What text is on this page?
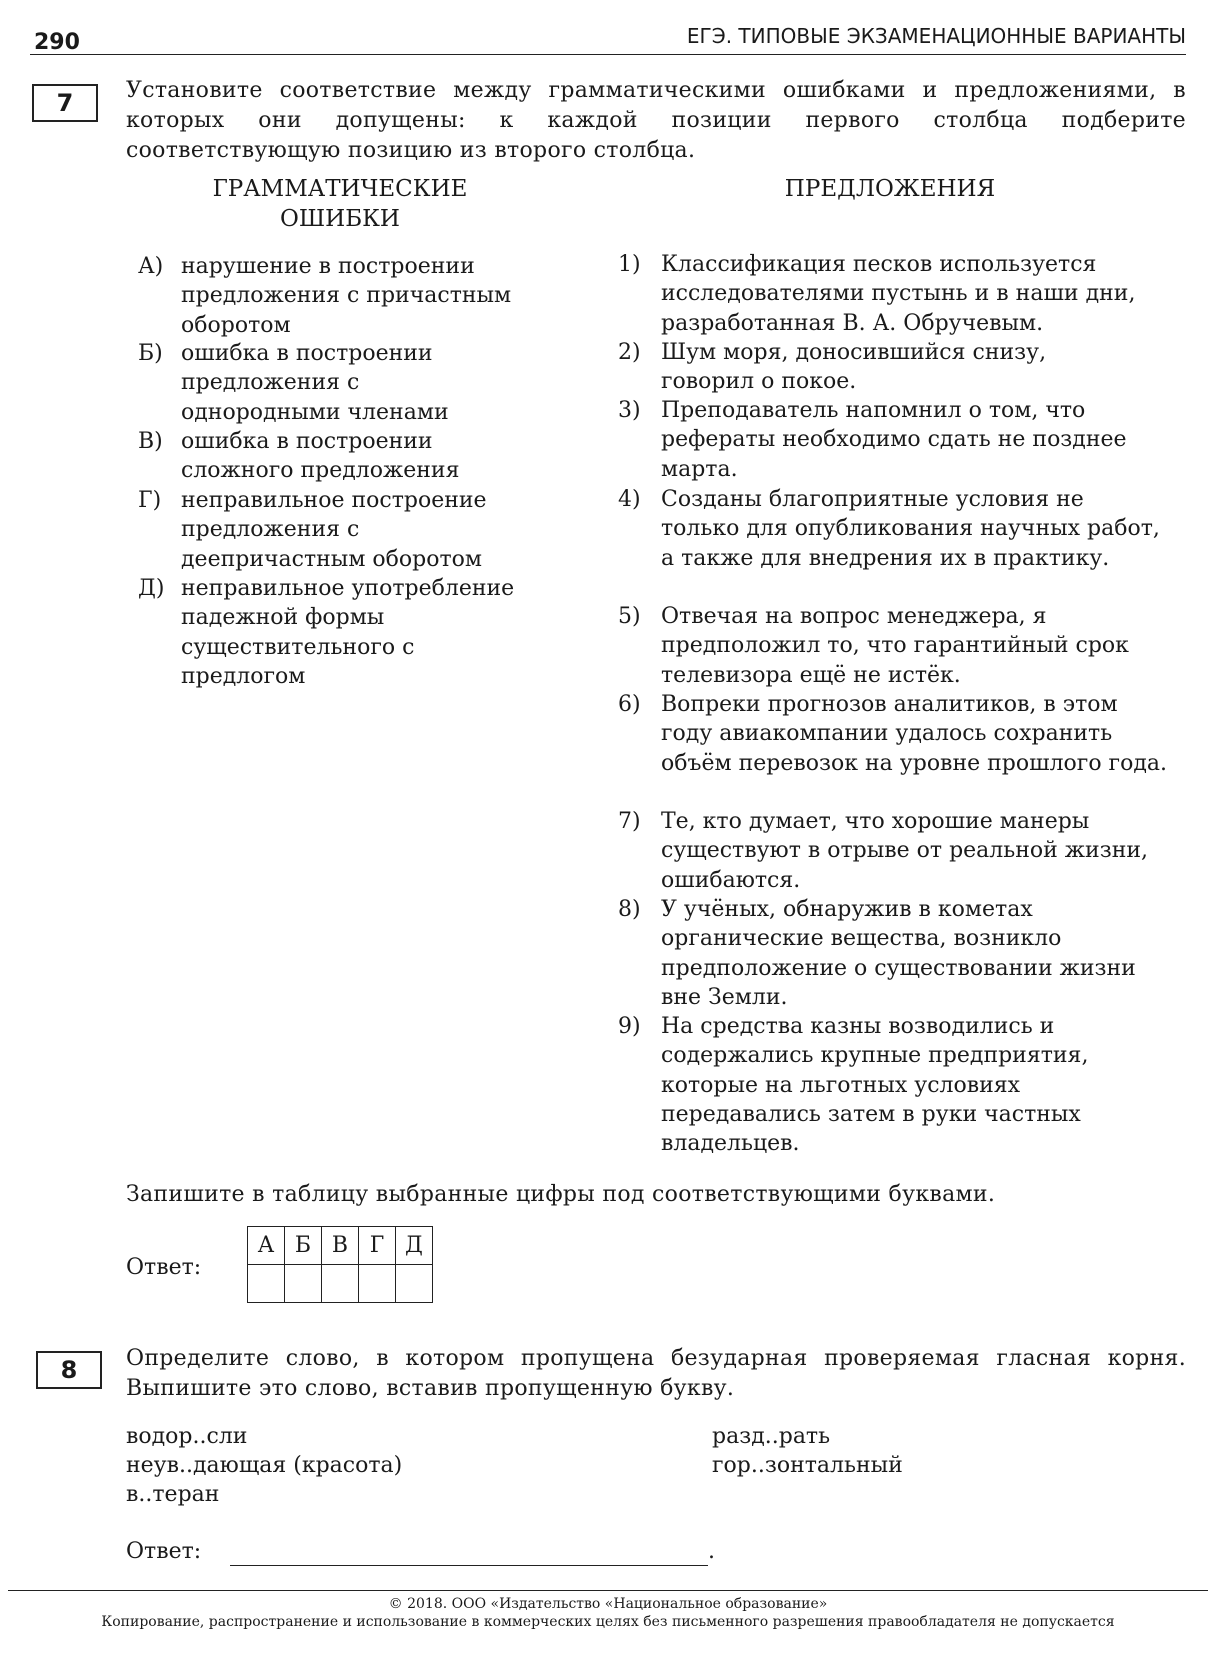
290	ЕГЭ. ТИПОВЫЕ ЭКЗАМЕНАЦИОННЫЕ ВАРИАНТЫ
7	Установите соответствие между грамматическими ошибками и предложениями, в которых они допущены: к каждой позиции первого столбца подберите соответствующую позицию из второго столбца.
ГРАММАТИЧЕСКИЕ ОШИБКИ
ПРЕДЛОЖЕНИЯ
А) нарушение в построении предложения с причастным оборотом
Б) ошибка в построении предложения с однородными членами
В) ошибка в построении сложного предложения
Г) неправильное построение предложения с деепричастным оборотом
Д) неправильное употребление падежной формы существительного с предлогом
1) Классификация песков используется исследователями пустынь и в наши дни, разработанная В. А. Обручевым.
2) Шум моря, доносившийся снизу, говорил о покое.
3) Преподаватель напомнил о том, что рефераты необходимо сдать не позднее марта.
4) Созданы благоприятные условия не только для опубликования научных работ, а также для внедрения их в практику.
5) Отвечая на вопрос менеджера, я предположил то, что гарантийный срок телевизора ещё не истёк.
6) Вопреки прогнозов аналитиков, в этом году авиакомпании удалось сохранить объём перевозок на уровне прошлого года.
7) Те, кто думает, что хорошие манеры существуют в отрыве от реальной жизни, ошибаются.
8) У учёных, обнаружив в кометах органические вещества, возникло предположение о существовании жизни вне Земли.
9) На средства казны возводились и содержались крупные предприятия, которые на льготных условиях передавались затем в руки частных владельцев.
Запишите в таблицу выбранные цифры под соответствующими буквами.
Ответ:
А	Б	В	Г	Д

8	Определите слово, в котором пропущена безударная проверяемая гласная корня. Выпишите это слово, вставив пропущенную букву.
водор..сли
неув..дающая (красота)
в..теран
разд..рать
гор..зонтальный
Ответ:	.
© 2018. ООО «Издательство «Национальное образование»
Копирование, распространение и использование в коммерческих целях без письменного разрешения правообладателя не допускается
